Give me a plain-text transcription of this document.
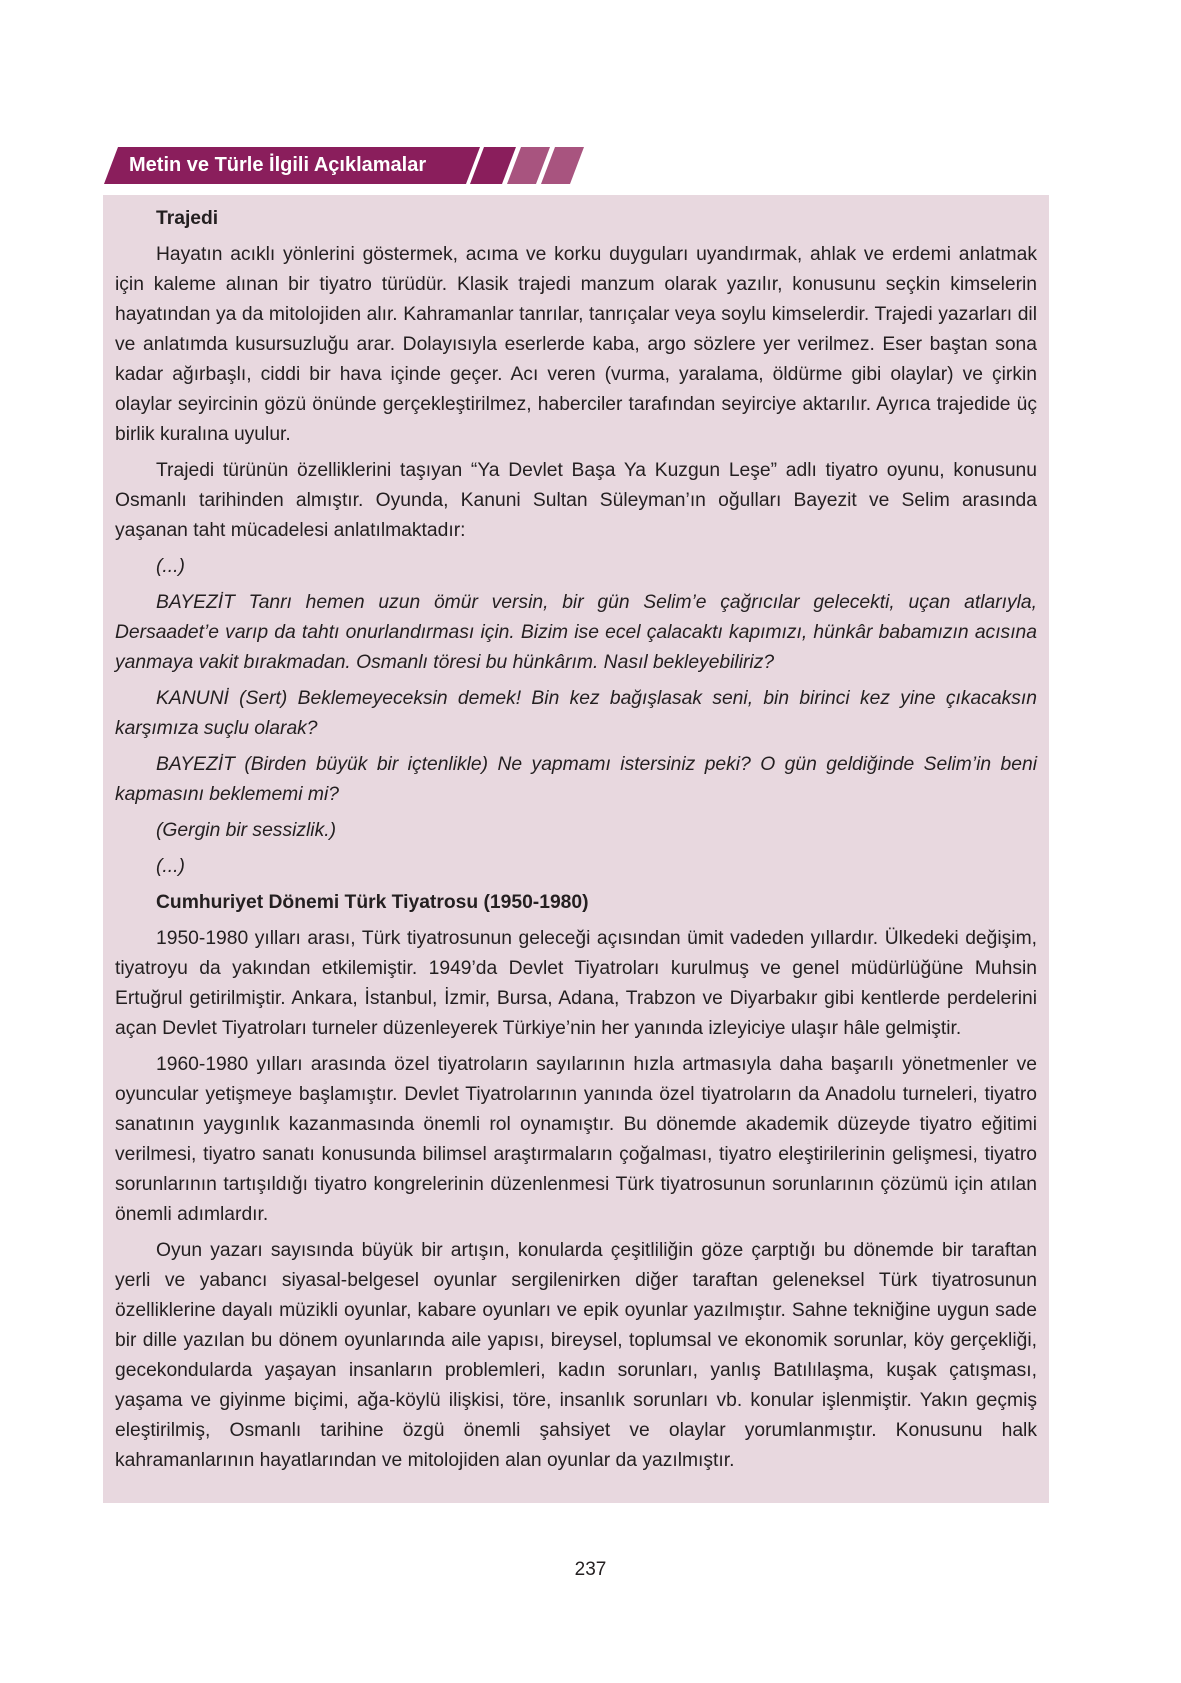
Metin ve Türle İlgili Açıklamalar

Trajedi

Hayatın acıklı yönlerini göstermek, acıma ve korku duyguları uyandırmak, ahlak ve erdemi anlatmak için kaleme alınan bir tiyatro türüdür. Klasik trajedi manzum olarak yazılır, konusunu seçkin kimselerin hayatından ya da mitolojiden alır. Kahramanlar tanrılar, tanrıçalar veya soylu kimselerdir. Trajedi yazarları dil ve anlatımda kusursuzluğu arar. Dolayısıyla eserlerde kaba, argo sözlere yer verilmez. Eser baştan sona kadar ağırbaşlı, ciddi bir hava içinde geçer. Acı veren (vurma, yaralama, öldürme gibi olaylar) ve çirkin olaylar seyircinin gözü önünde gerçekleştirilmez, haberciler tarafından seyirciye aktarılır. Ayrıca trajedide üç birlik kuralına uyulur.

Trajedi türünün özelliklerini taşıyan “Ya Devlet Başa Ya Kuzgun Leşe” adlı tiyatro oyunu, konusunu Osmanlı tarihinden almıştır. Oyunda, Kanuni Sultan Süleyman’ın oğulları Bayezit ve Selim arasında yaşanan taht mücadelesi anlatılmaktadır:

(...)

BAYEZİT Tanrı hemen uzun ömür versin, bir gün Selim’e çağrıcılar gelecekti, uçan atlarıyla, Dersaadet’e varıp da tahtı onurlandırması için. Bizim ise ecel çalacaktı kapımızı, hünkâr babamızın acısına yanmaya vakit bırakmadan. Osmanlı töresi bu hünkârım. Nasıl bekleyebiliriz?

KANUNİ (Sert) Beklemeyeceksin demek! Bin kez bağışlasak seni, bin birinci kez yine çıkacaksın karşımıza suçlu olarak?

BAYEZİT (Birden büyük bir içtenlikle) Ne yapmamı istersiniz peki? O gün geldiğinde Selim’in beni kapmasını beklememi mi?

(Gergin bir sessizlik.)

(...)

Cumhuriyet Dönemi Türk Tiyatrosu (1950-1980)

1950-1980 yılları arası, Türk tiyatrosunun geleceği açısından ümit vadeden yıllardır. Ülkedeki değişim, tiyatroyu da yakından etkilemiştir. 1949’da Devlet Tiyatroları kurulmuş ve genel müdürlüğüne Muhsin Ertuğrul getirilmiştir. Ankara, İstanbul, İzmir, Bursa, Adana, Trabzon ve Diyarbakır gibi kentlerde perdelerini açan Devlet Tiyatroları turneler düzenleyerek Türkiye’nin her yanında izleyiciye ulaşır hâle gelmiştir.

1960-1980 yılları arasında özel tiyatroların sayılarının hızla artmasıyla daha başarılı yönetmenler ve oyuncular yetişmeye başlamıştır. Devlet Tiyatrolarının yanında özel tiyatroların da Anadolu turneleri, tiyatro sanatının yaygınlık kazanmasında önemli rol oynamıştır. Bu dönemde akademik düzeyde tiyatro eğitimi verilmesi, tiyatro sanatı konusunda bilimsel araştırmaların çoğalması, tiyatro eleştirilerinin gelişmesi, tiyatro sorunlarının tartışıldığı tiyatro kongrelerinin düzenlenmesi Türk tiyatrosunun sorunlarının çözümü için atılan önemli adımlardır.

Oyun yazarı sayısında büyük bir artışın, konularda çeşitliliğin göze çarptığı bu dönemde bir taraftan yerli ve yabancı siyasal-belgesel oyunlar sergilenirken diğer taraftan geleneksel Türk tiyatrosunun özelliklerine dayalı müzikli oyunlar, kabare oyunları ve epik oyunlar yazılmıştır. Sahne tekniğine uygun sade bir dille yazılan bu dönem oyunlarında aile yapısı, bireysel, toplumsal ve ekonomik sorunlar, köy gerçekliği, gecekondularda yaşayan insanların problemleri, kadın sorunları, yanlış Batılılaşma, kuşak çatışması, yaşama ve giyinme biçimi, ağa-köylü ilişkisi, töre, insanlık sorunları vb. konular işlenmiştir. Yakın geçmiş eleştirilmiş, Osmanlı tarihine özgü önemli şahsiyet ve olaylar yorumlanmıştır. Konusunu halk kahramanlarının hayatlarından ve mitolojiden alan oyunlar da yazılmıştır.

237
